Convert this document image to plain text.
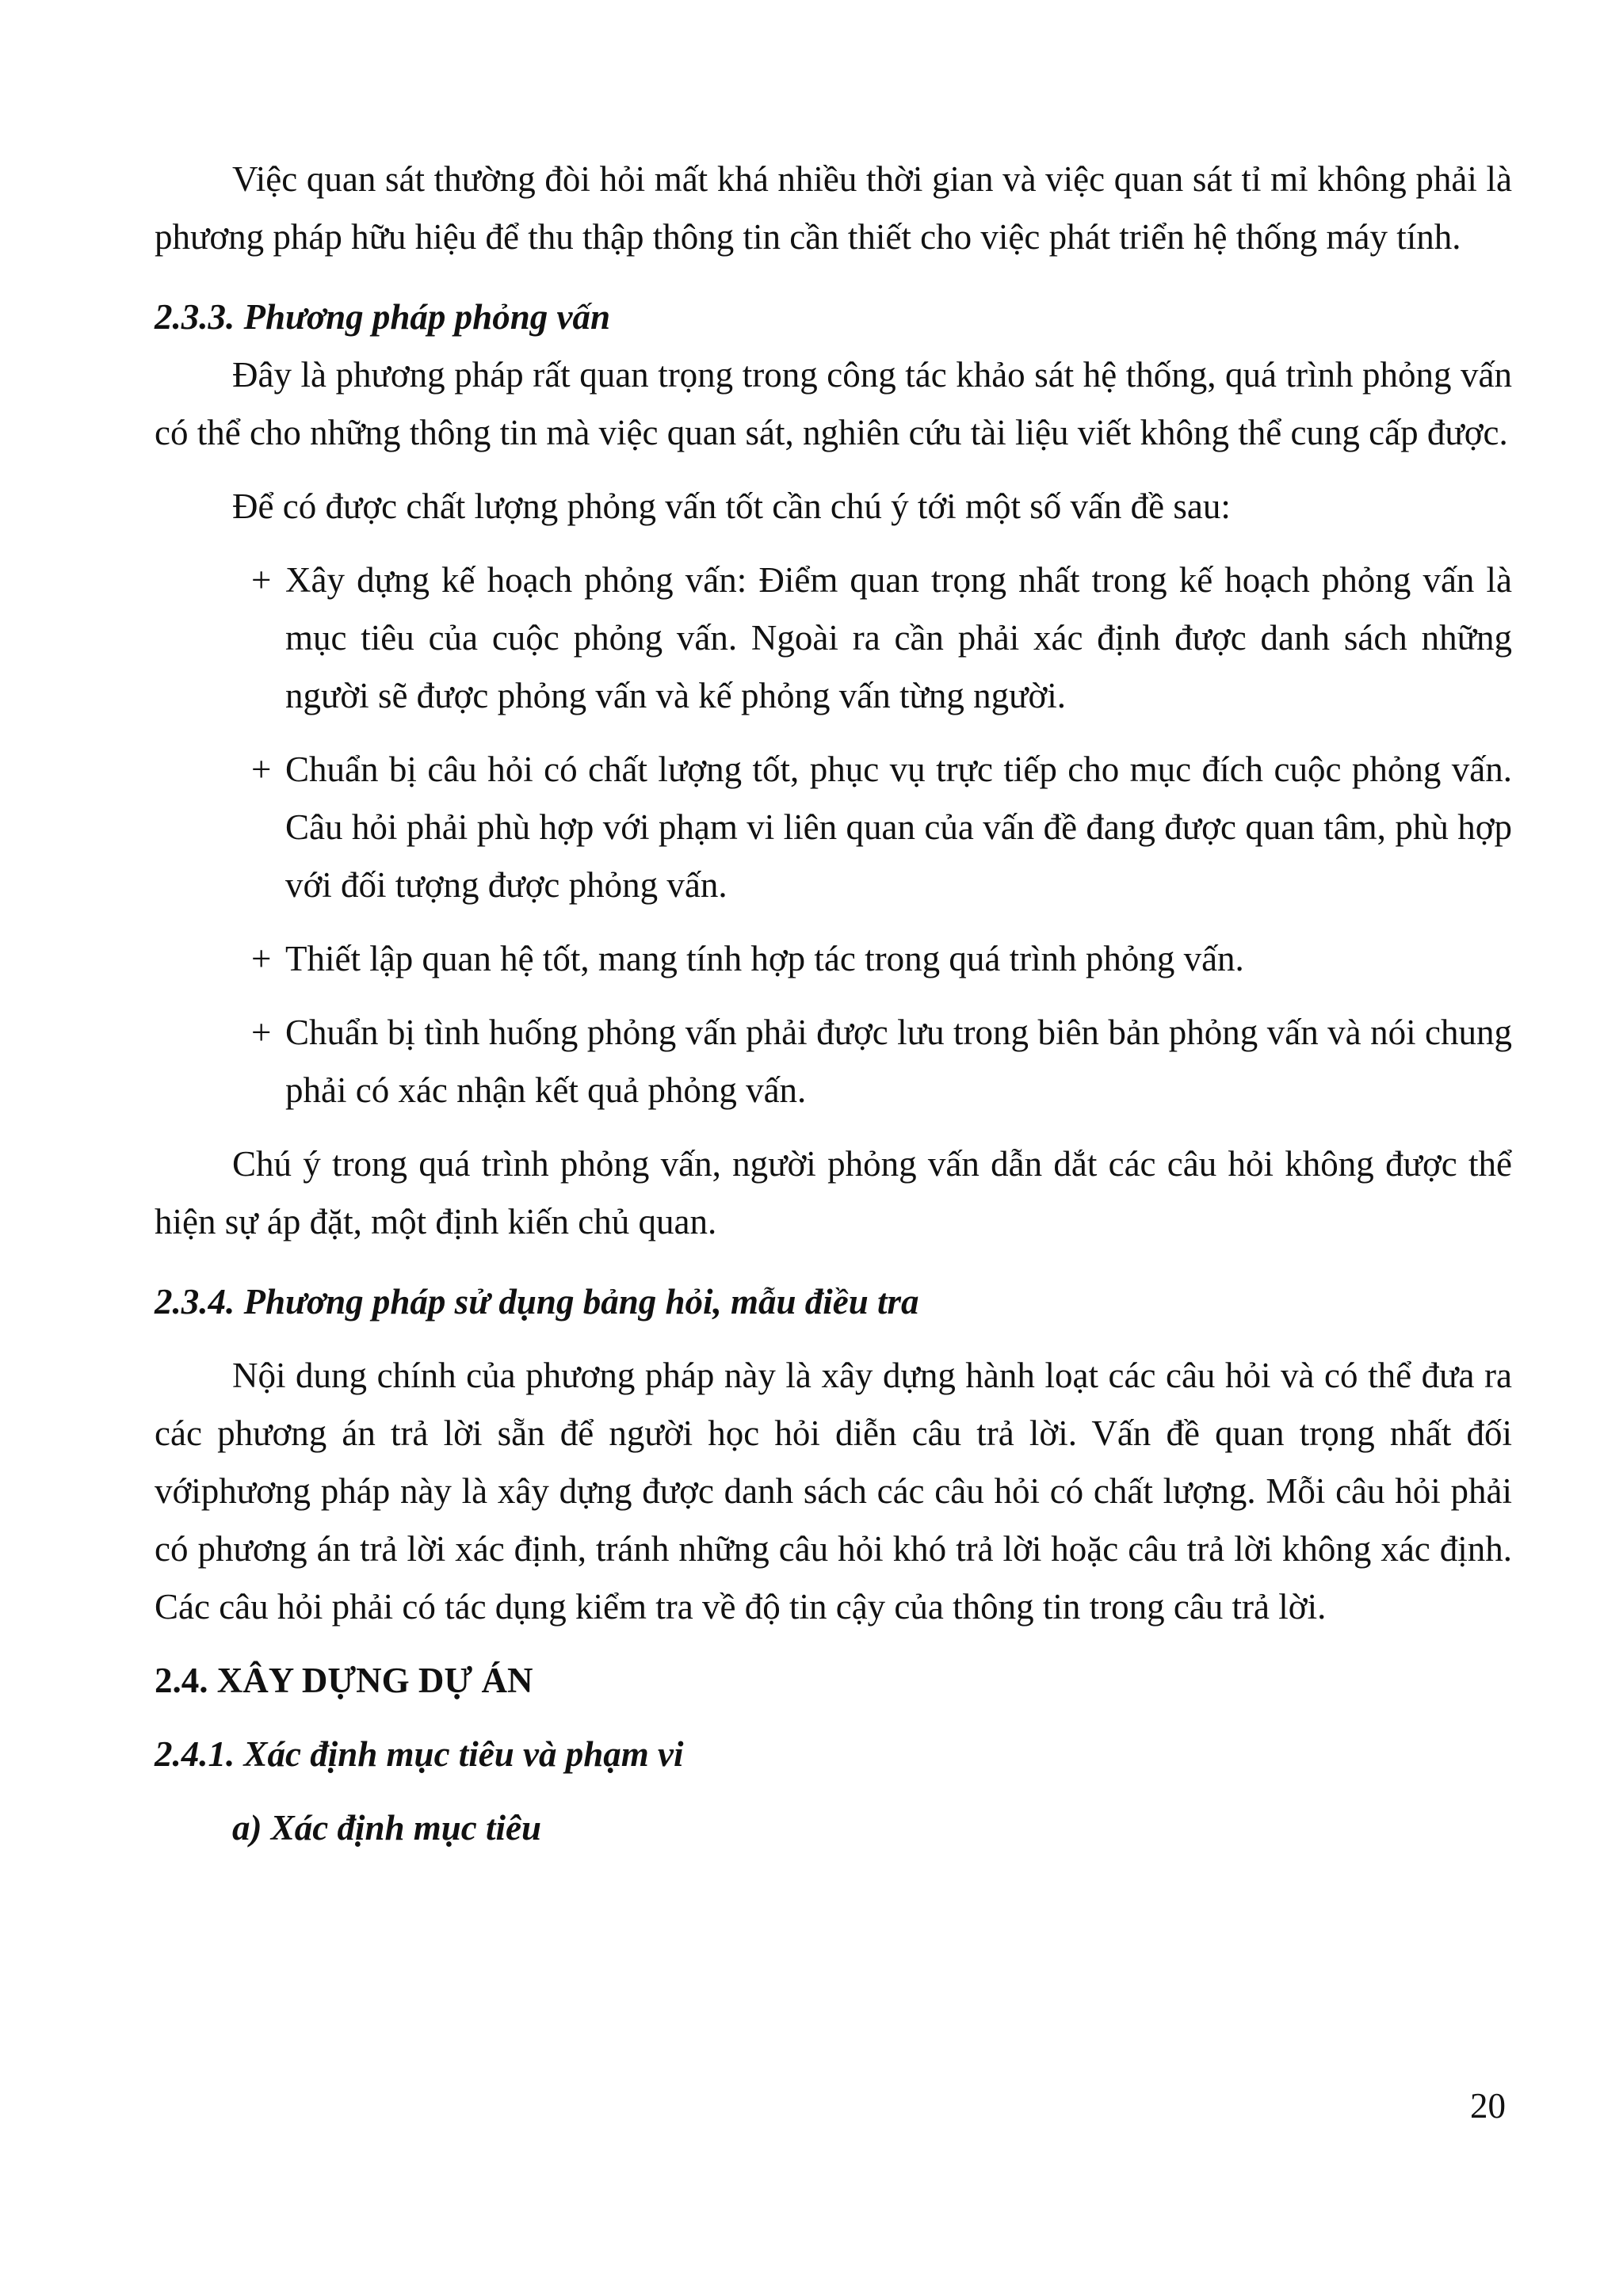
Việc quan sát thường đòi hỏi mất khá nhiều thời gian và việc quan sát tỉ mỉ không phải là phương pháp hữu hiệu để thu thập thông tin cần thiết cho việc phát triển hệ thống máy tính.

2.3.3. Phương pháp phỏng vấn

Đây là phương pháp rất quan trọng trong công tác khảo sát hệ thống, quá trình phỏng vấn có thể cho những thông tin mà việc quan sát, nghiên cứu tài liệu viết không thể cung cấp được.

Để có được chất lượng phỏng vấn tốt cần chú ý tới một số vấn đề sau:

+ Xây dựng kế hoạch phỏng vấn: Điểm quan trọng nhất trong kế hoạch phỏng vấn là mục tiêu của cuộc phỏng vấn. Ngoài ra cần phải xác định được danh sách những người sẽ được phỏng vấn và kế phỏng vấn từng người.
+ Chuẩn bị câu hỏi có chất lượng tốt, phục vụ trực tiếp cho mục đích cuộc phỏng vấn. Câu hỏi phải phù hợp với phạm vi liên quan của vấn đề đang được quan tâm, phù hợp với đối tượng được phỏng vấn.
+ Thiết lập quan hệ tốt, mang tính hợp tác trong quá trình phỏng vấn.
+ Chuẩn bị tình huống phỏng vấn phải được lưu trong biên bản phỏng vấn và nói chung phải có xác nhận kết quả phỏng vấn.

Chú ý trong quá trình phỏng vấn, người phỏng vấn dẫn dắt các câu hỏi không được thể hiện sự áp đặt, một định kiến chủ quan.

2.3.4. Phương pháp sử dụng bảng hỏi, mẫu điều tra

Nội dung chính của phương pháp này là xây dựng hành loạt các câu hỏi và có thể đưa ra các phương án trả lời sẵn để người học hỏi diễn câu trả lời. Vấn đề quan trọng nhất đối vớiphương pháp này là xây dựng được danh sách các câu hỏi có chất lượng. Mỗi câu hỏi phải có phương án trả lời xác định, tránh những câu hỏi khó trả lời hoặc câu trả lời không xác định. Các câu hỏi phải có tác dụng kiểm tra về độ tin cậy của thông tin trong câu trả lời.

2.4. XÂY DỰNG DỰ ÁN

2.4.1. Xác định mục tiêu và phạm vi

a) Xác định mục tiêu

20
